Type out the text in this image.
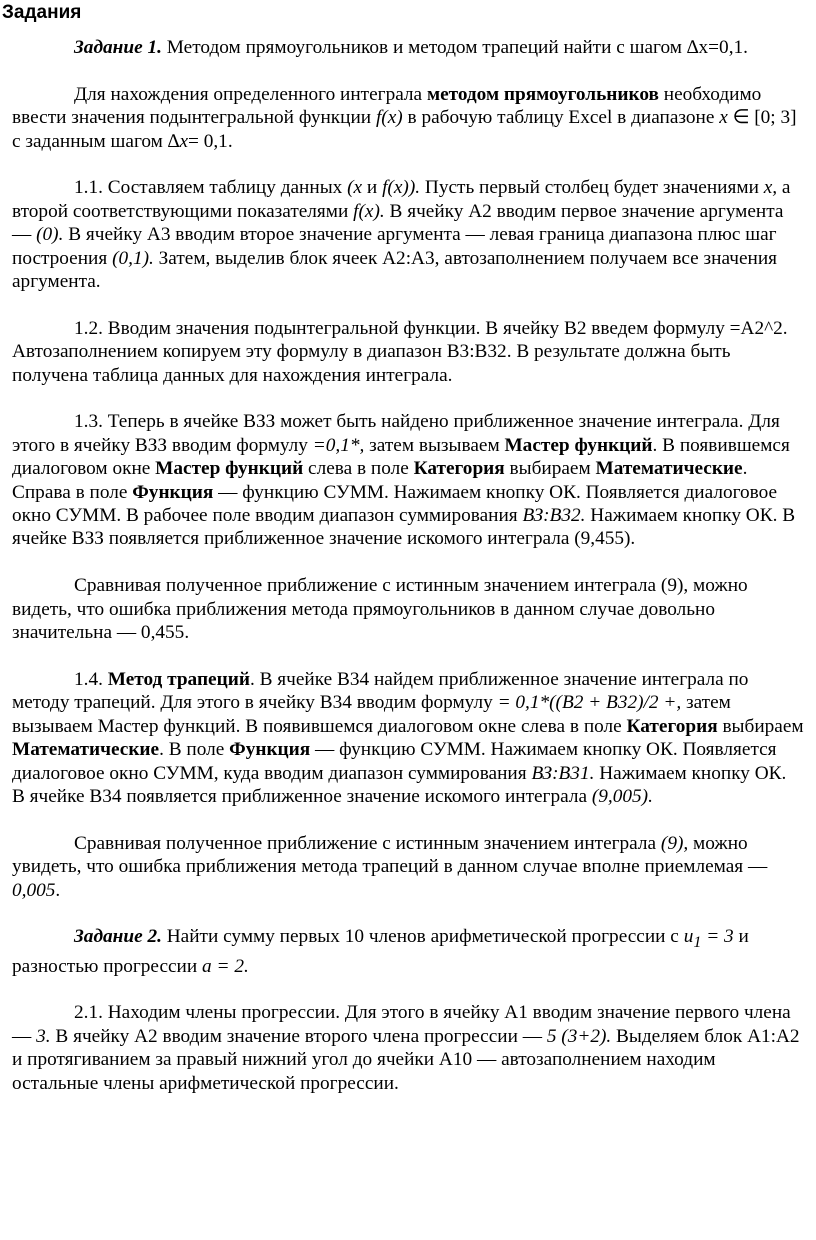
Задания

Задание 1. Методом прямоугольников и методом трапеций найти с шагом ∆x=0,1.

Для нахождения определенного интеграла методом прямоугольников необходимо ввести значения подынтегральной функции f(x) в рабочую таблицу Excel в диапазоне x ∈ [0; 3] с заданным шагом ∆x= 0,1.

1.1. Составляем таблицу данных (x и f(x)). Пусть первый столбец будет значениями x, а второй соответствующими показателями f(x). В ячейку А2 вводим первое значение аргумента — (0). В ячейку A3 вводим второе значение аргумента — левая граница диапазона плюс шаг построения (0,1). Затем, выделив блок ячеек А2:А3, автозаполнением получаем все значения аргумента.

1.2. Вводим значения подынтегральной функции. В ячейку В2 введем формулу =А2^2. Автозаполнением копируем эту формулу в диапазон В3:В32. В результате должна быть получена таблица данных для нахождения интеграла.

1.3. Теперь в ячейке ВЗЗ может быть найдено приближенное значение интеграла. Для этого в ячейку ВЗЗ вводим формулу =0,1*, затем вызываем Мастер функций. В появившемся диалоговом окне Мастер функций слева в поле Категория выбираем Математические. Справа в поле Функция — функцию СУММ. Нажимаем кнопку ОК. Появляется диалоговое окно СУММ. В рабочее поле вводим диапазон суммирования ВЗ:В32. Нажимаем кнопку ОК. В ячейке ВЗЗ появляется приближенное значение искомого интеграла (9,455).

Сравнивая полученное приближение с истинным значением интеграла (9), можно видеть, что ошибка приближения метода прямоугольников в данном случае довольно значительна — 0,455.

1.4. Метод трапеций. В ячейке В34 найдем приближенное значение интеграла по методу трапеций. Для этого в ячейку В34 вводим формулу = 0,1*((В2 + В32)/2 +, затем вызываем Мастер функций. В появившемся диалоговом окне слева в поле Категория выбираем Математические. В поле Функция — функцию СУММ. Нажимаем кнопку ОК. Появляется диалоговое окно СУММ, куда вводим диапазон суммирования ВЗ:В31. Нажимаем кнопку ОК. В ячейке В34 появляется приближенное значение искомого интеграла (9,005).

Сравнивая полученное приближение с истинным значением интеграла (9), можно увидеть, что ошибка приближения метода трапеций в данном случае вполне приемлемая — 0,005.

Задание 2. Найти сумму первых 10 членов арифметической прогрессии с $u_1 = 3$ и разностью прогрессии а = 2.

2.1. Находим члены прогрессии. Для этого в ячейку А1 вводим значение первого члена — 3. В ячейку А2 вводим значение второго члена прогрессии — 5 (3+2). Выделяем блок А1:А2 и протягиванием за правый нижний угол до ячейки А10 — автозаполнением находим остальные члены арифметической прогрессии.
